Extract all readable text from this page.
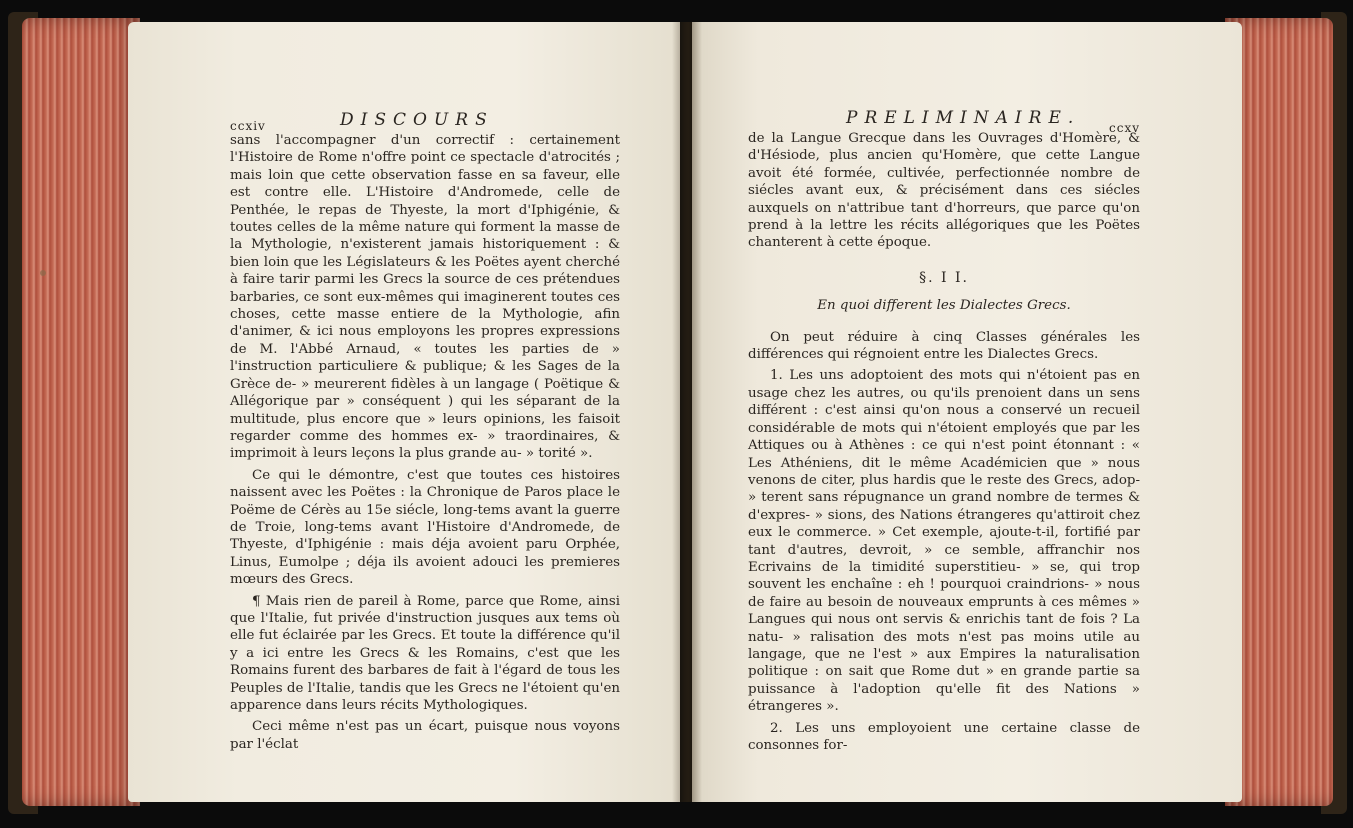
ccxiv	DISCOURS

sans l'accompagner d'un correctif : certainement l'Histoire de Rome n'offre point ce spectacle d'atrocités ; mais loin que cette observation fasse en sa faveur, elle est contre elle. L'Histoire d'Andromede, celle de Penthée, le repas de Thyeste, la mort d'Iphigénie, & toutes celles de la même nature qui forment la masse de la Mythologie, n'existerent jamais historiquement : & bien loin que les Législateurs & les Poëtes ayent cherché à faire tarir parmi les Grecs la source de ces prétendues barbaries, ce sont eux-mêmes qui imaginerent toutes ces choses, cette masse entiere de la Mythologie, afin d'animer, & ici nous employons les propres expressions de M. l'Abbé Arnaud, « toutes les parties de » l'instruction particuliere & publique; & les Sages de la Grèce de- » meurerent fidèles à un langage ( Poëtique & Allégorique par » conséquent ) qui les séparant de la multitude, plus encore que » leurs opinions, les faisoit regarder comme des hommes ex- » traordinaires, & imprimoit à leurs leçons la plus grande au- » torité ».

Ce qui le démontre, c'est que toutes ces histoires naissent avec les Poëtes : la Chronique de Paros place le Poëme de Cérès au 15e siécle, long-tems avant la guerre de Troie, long-tems avant l'Histoire d'Andromede, de Thyeste, d'Iphigénie : mais déja avoient paru Orphée, Linus, Eumolpe ; déja ils avoient adouci les premieres mœurs des Grecs.

¶ Mais rien de pareil à Rome, parce que Rome, ainsi que l'Italie, fut privée d'instruction jusques aux tems où elle fut éclairée par les Grecs. Et toute la différence qu'il y a ici entre les Grecs & les Romains, c'est que les Romains furent des barbares de fait à l'égard de tous les Peuples de l'Italie, tandis que les Grecs ne l'étoient qu'en apparence dans leurs récits Mythologiques.

Ceci même n'est pas un écart, puisque nous voyons par l'éclat

PRELIMINAIRE. ccxv

de la Langue Grecque dans les Ouvrages d'Homère, & d'Hésiode, plus ancien qu'Homère, que cette Langue avoit été formée, cultivée, perfectionnée nombre de siécles avant eux, & précisément dans ces siécles auxquels on n'attribue tant d'horreurs, que parce qu'on prend à la lettre les récits allégoriques que les Poëtes chanterent à cette époque.

§. I I.
En quoi different les Dialectes Grecs.

On peut réduire à cinq Classes générales les différences qui régnoient entre les Dialectes Grecs.

1. Les uns adoptoient des mots qui n'étoient pas en usage chez les autres, ou qu'ils prenoient dans un sens différent : c'est ainsi qu'on nous a conservé un recueil considérable de mots qui n'étoient employés que par les Attiques ou à Athènes : ce qui n'est point étonnant : « Les Athéniens, dit le même Académicien que » nous venons de citer, plus hardis que le reste des Grecs, adop- » terent sans répugnance un grand nombre de termes & d'expres- » sions, des Nations étrangeres qu'attiroit chez eux le commerce. » Cet exemple, ajoute-t-il, fortifié par tant d'autres, devroit, » ce semble, affranchir nos Ecrivains de la timidité superstitieu- » se, qui trop souvent les enchaîne : eh ! pourquoi craindrions- » nous de faire au besoin de nouveaux emprunts à ces mêmes » Langues qui nous ont servis & enrichis tant de fois ? La natu- » ralisation des mots n'est pas moins utile au langage, que ne l'est » aux Empires la naturalisation politique : on sait que Rome dut » en grande partie sa puissance à l'adoption qu'elle fit des Nations » étrangeres ».

2. Les uns employoient une certaine classe de consonnes for-
